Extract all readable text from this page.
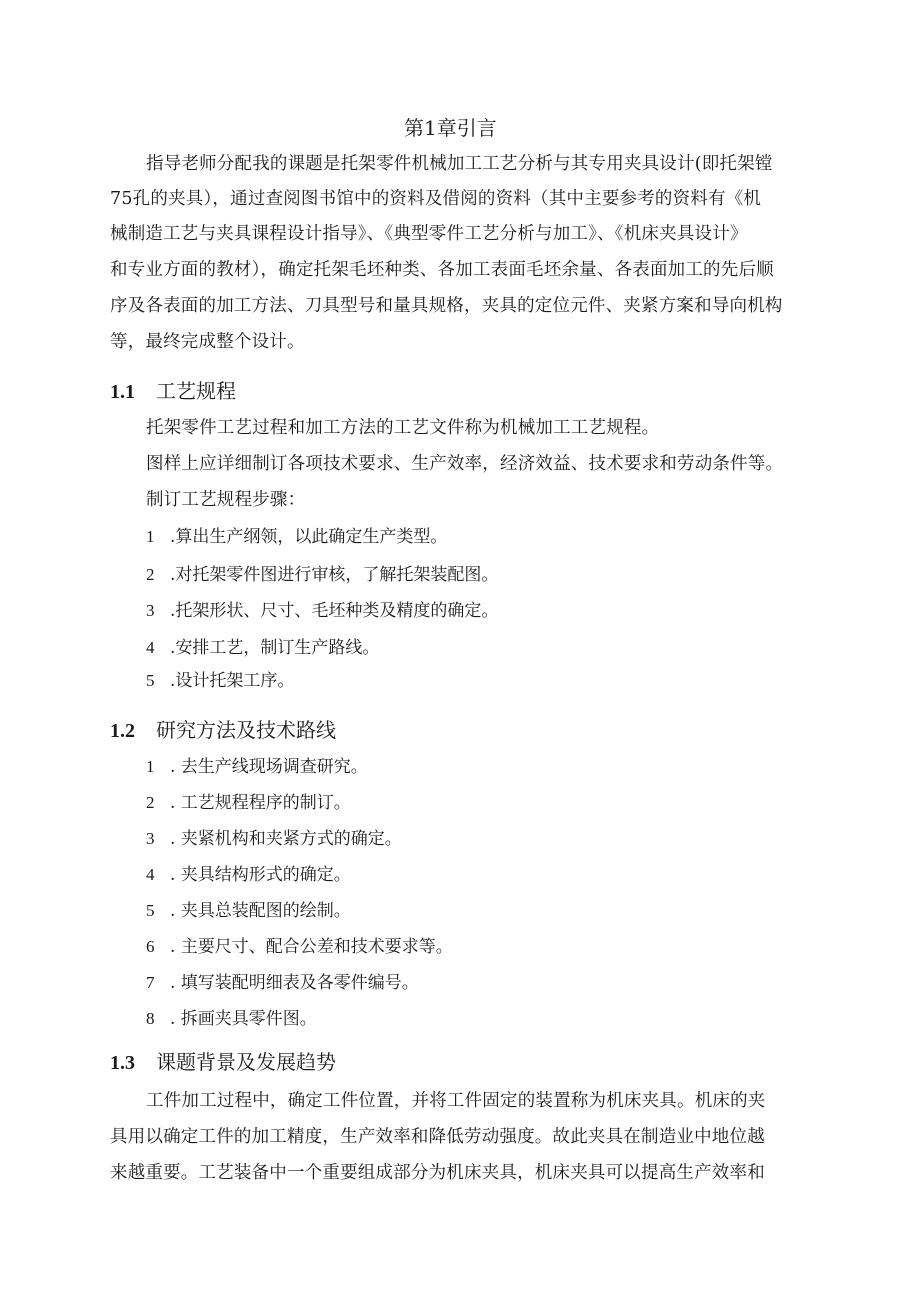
第1章引言
指导老师分配我的课题是托架零件机械加工工艺分析与其专用夹具设计(即托架镗
75孔的夹具），通过查阅图书馆中的资料及借阅的资料（其中主要参考的资料有《机
械制造工艺与夹具课程设计指导》、《典型零件工艺分析与加工》、《机床夹具设计》
和专业方面的教材），确定托架毛坯种类、各加工表面毛坯余量、各表面加工的先后顺
序及各表面的加工方法、刀具型号和量具规格，夹具的定位元件、夹紧方案和导向机构
等，最终完成整个设计。
1.1 工艺规程
托架零件工艺过程和加工方法的工艺文件称为机械加工工艺规程。
图样上应详细制订各项技术要求、生产效率，经济效益、技术要求和劳动条件等。
制订工艺规程步骤：
1 .算出生产纲领，以此确定生产类型。
2 .对托架零件图进行审核，了解托架装配图。
3 .托架形状、尺寸、毛坯种类及精度的确定。
4 .安排工艺，制订生产路线。
5 .设计托架工序。
1.2 研究方法及技术路线
1 . 去生产线现场调查研究。
2 . 工艺规程程序的制订。
3 . 夹紧机构和夹紧方式的确定。
4 . 夹具结构形式的确定。
5 . 夹具总装配图的绘制。
6 . 主要尺寸、配合公差和技术要求等。
7 . 填写装配明细表及各零件编号。
8 . 拆画夹具零件图。
1.3 课题背景及发展趋势
工件加工过程中，确定工件位置，并将工件固定的装置称为机床夹具。机床的夹
具用以确定工件的加工精度，生产效率和降低劳动强度。故此夹具在制造业中地位越
来越重要。工艺装备中一个重要组成部分为机床夹具，机床夹具可以提高生产效率和
